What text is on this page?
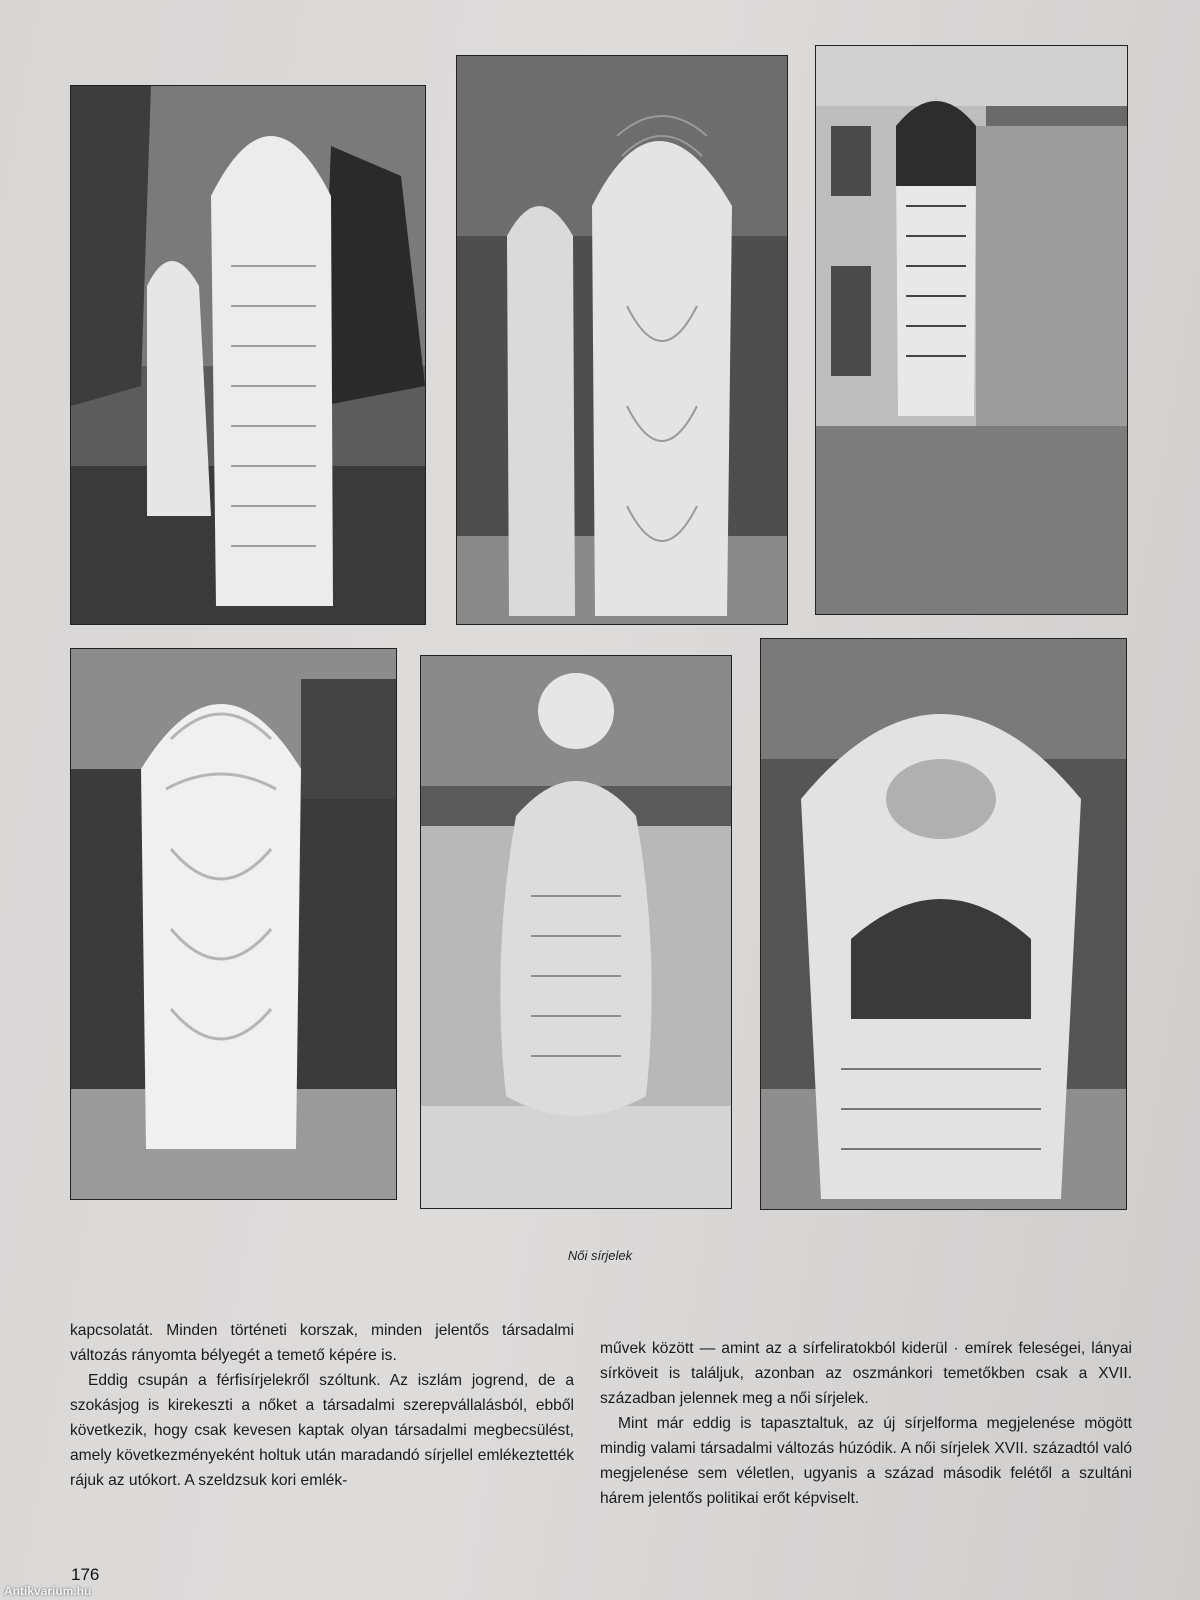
Női sírjelek

kapcsolatát. Minden történeti korszak, minden jelentős társadalmi változás rányomta bélyegét a temető képére is.

Eddig csupán a férfisírjelekről szóltunk. Az iszlám jogrend, de a szokásjog is kirekeszti a nőket a társadalmi szerepvállalásból, ebből következik, hogy csak kevesen kaptak olyan társadalmi megbecsülést, amely következményeként holtuk után maradandó sírjellel emlékeztették rájuk az utókort. A szeldzsuk kori emlék-

művek között — amint az a sírfeliratokból kiderül · emírek feleségei, lányai sírköveit is találjuk, azonban az oszmánkori temetőkben csak a XVII. században jelennek meg a női sírjelek.

Mint már eddig is tapasztaltuk, az új sírjelforma megjelenése mögött mindig valami társadalmi változás húzódik. A női sírjelek XVII. századtól való megjelenése sem véletlen, ugyanis a század második felétől a szultáni hárem jelentős politikai erőt képviselt.

176
Antikvarium.hu
